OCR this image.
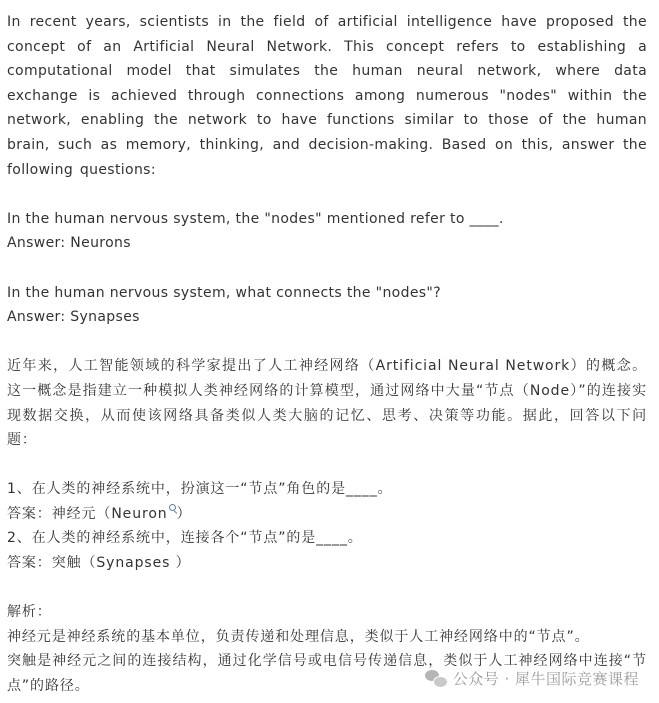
In recent years, scientists in the field of artificial intelligence have proposed the concept of an Artificial Neural Network. This concept refers to establishing a computational model that simulates the human neural network, where data exchange is achieved through connections among numerous "nodes" within the network, enabling the network to have functions similar to those of the human brain, such as memory, thinking, and decision-making. Based on this, answer the following questions:

In the human nervous system, the "nodes" mentioned refer to ____.

Answer: Neurons

In the human nervous system, what connects the "nodes"?

Answer: Synapses

近年来，人工智能领域的科学家提出了人工神经网络（Artificial Neural Network）的概念。这一概念是指建立一种模拟人类神经网络的计算模型，通过网络中大量“节点（Node）”的连接实现数据交换，从而使该网络具备类似人类大脑的记忆、思考、决策等功能。据此，回答以下问题：

1、在人类的神经系统中，扮演这一“节点”角色的是____。

答案：神经元（Neuron ）

2、在人类的神经系统中，连接各个“节点”的是____。

答案：突触（Synapses ）

解析：

神经元是神经系统的基本单位，负责传递和处理信息，类似于人工神经网络中的“节点”。

突触是神经元之间的连接结构，通过化学信号或电信号传递信息，类似于人工神经网络中连接“节点”的路径。	公众号 · 犀牛国际竞赛课程
